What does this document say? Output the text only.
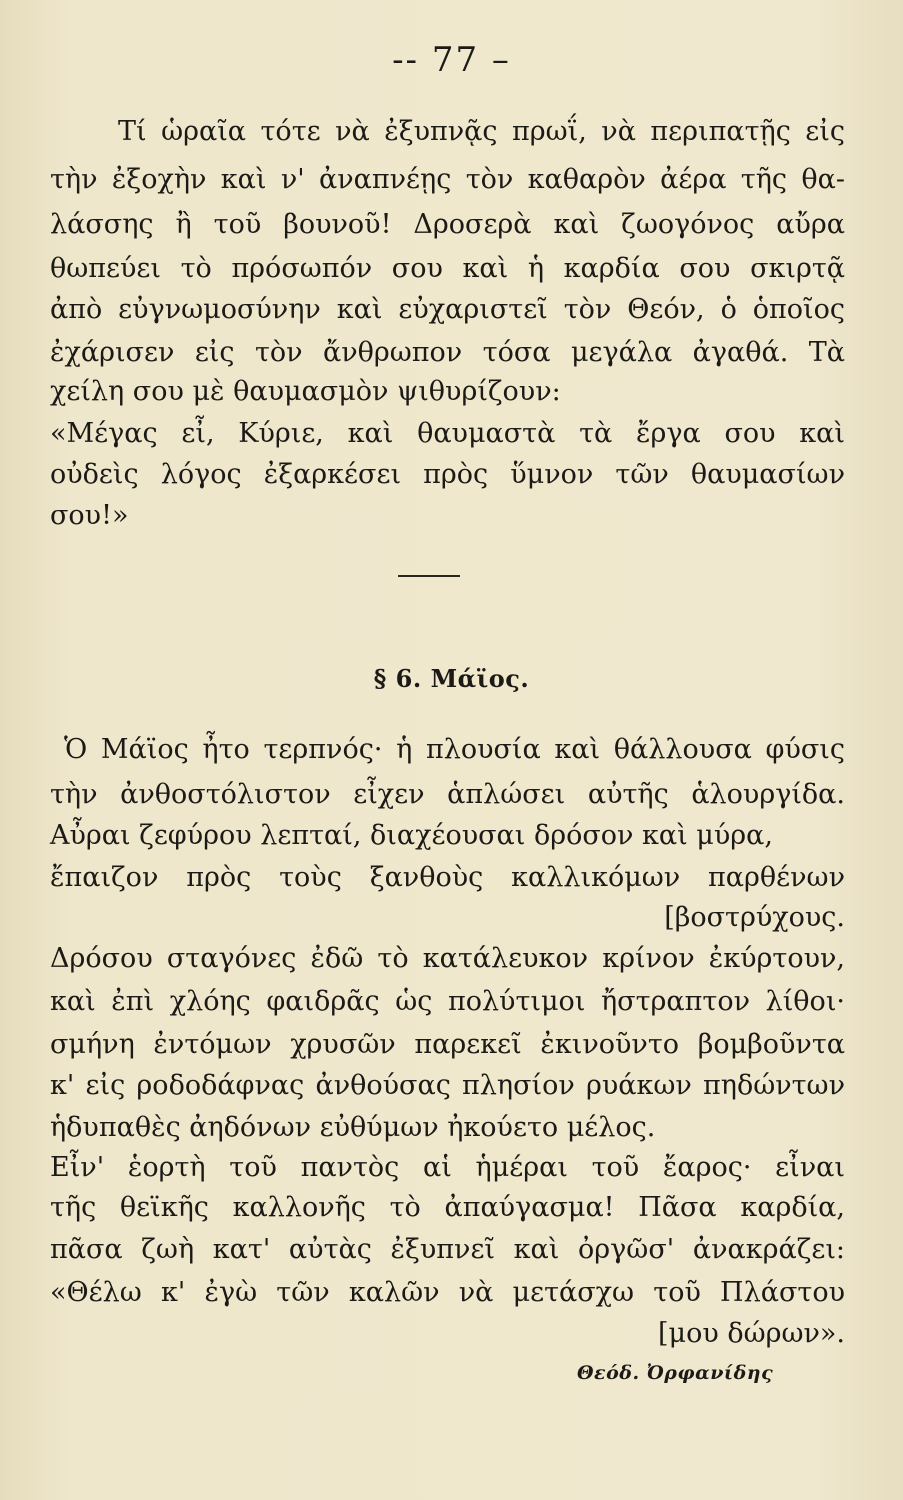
-- 77 –
Τί ὡραῖα τότε νὰ ἐξυπνᾷς πρωΐ, νὰ περιπατῇς εἰς
τὴν ἐξοχὴν καὶ ν' ἀναπνέῃς τὸν καθαρὸν ἀέρα τῆς θα-
λάσσης ἢ τοῦ βουνοῦ! Δροσερὰ καὶ ζωογόνος αὔρα
θωπεύει τὸ πρόσωπόν σου καὶ ἡ καρδία σου σκιρτᾷ
ἀπὸ εὐγνωμοσύνην καὶ εὐχαριστεῖ τὸν Θεόν, ὁ ὁποῖος
ἐχάρισεν εἰς τὸν ἄνθρωπον τόσα μεγάλα ἀγαθά. Τὰ
χείλη σου μὲ θαυμασμὸν ψιθυρίζουν:
«Μέγας εἶ, Κύριε, καὶ θαυμαστὰ τὰ ἔργα σου καὶ
οὐδεὶς λόγος ἐξαρκέσει πρὸς ὕμνον τῶν θαυμασίων
σου!»
§ 6. Μάϊος.
Ὁ Μάϊος ἦτο τερπνός· ἡ πλουσία καὶ θάλλουσα φύσις
τὴν ἀνθοστόλιστον εἶχεν ἁπλώσει αὐτῆς ἁλουργίδα.
Αὖραι ζεφύρου λεπταί, διαχέουσαι δρόσον καὶ μύρα,
ἔπαιζον πρὸς τοὺς ξανθοὺς καλλικόμων παρθένων
[βοστρύχους.
Δρόσου σταγόνες ἐδῶ τὸ κατάλευκον κρίνον ἐκύρτουν,
καὶ ἐπὶ χλόης φαιδρᾶς ὡς πολύτιμοι ἤστραπτον λίθοι·
σμήνη ἐντόμων χρυσῶν παρεκεῖ ἐκινοῦντο βομβοῦντα
κ' εἰς ροδοδάφνας ἀνθούσας πλησίον ρυάκων πηδώντων
ἡδυπαθὲς ἀηδόνων εὐθύμων ἠκούετο μέλος.
Εἶν' ἑορτὴ τοῦ παντὸς αἱ ἡμέραι τοῦ ἔαρος· εἶναι
τῆς θεϊκῆς καλλονῆς τὸ ἀπαύγασμα! Πᾶσα καρδία,
πᾶσα ζωὴ κατ' αὐτὰς ἐξυπνεῖ καὶ ὀργῶσ' ἀνακράζει:
«Θέλω κ' ἐγὼ τῶν καλῶν νὰ μετάσχω τοῦ Πλάστου
[μου δώρων».
Θεόδ. Ὀρφανίδης
